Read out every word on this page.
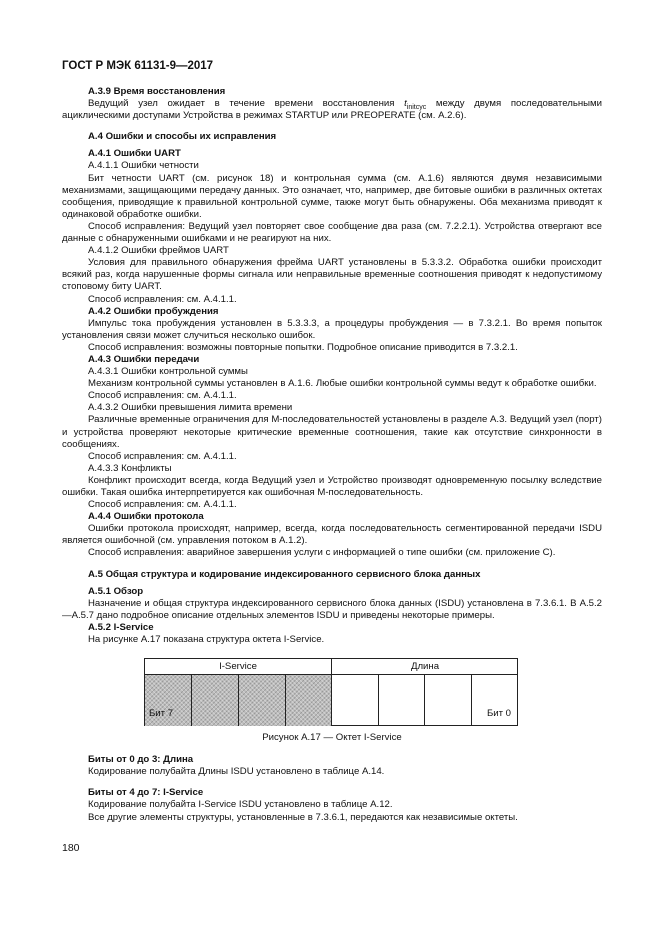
ГОСТ Р МЭК 61131-9—2017

А.3.9 Время восстановления

Ведущий узел ожидает в течение времени восстановления $t_{initcyc}$ между двумя последовательными ациклическими доступами Устройства в режимах STARTUP или PREOPERATE (см. А.2.6).

А.4 Ошибки и способы их исправления

А.4.1 Ошибки UART

А.4.1.1 Ошибки четности

Бит четности UART (см. рисунок 18) и контрольная сумма (см. А.1.6) являются двумя независимыми механизмами, защищающими передачу данных. Это означает, что, например, две битовые ошибки в различных октетах сообщения, приводящие к правильной контрольной сумме, также могут быть обнаружены. Оба механизма приводят к одинаковой обработке ошибки.

Способ исправления: Ведущий узел повторяет свое сообщение два раза (см. 7.2.2.1). Устройства отвергают все данные с обнаруженными ошибками и не реагируют на них.

А.4.1.2 Ошибки фреймов UART

Условия для правильного обнаружения фрейма UART установлены в 5.3.3.2. Обработка ошибки происходит всякий раз, когда нарушенные формы сигнала или неправильные временные соотношения приводят к недопустимому стоповому биту UART.

Способ исправления: см. А.4.1.1.

А.4.2 Ошибки пробуждения

Импульс тока пробуждения установлен в 5.3.3.3, а процедуры пробуждения — в 7.3.2.1. Во время попыток установления связи может случиться несколько ошибок.

Способ исправления: возможны повторные попытки. Подробное описание приводится в 7.3.2.1.

А.4.3 Ошибки передачи

А.4.3.1 Ошибки контрольной суммы

Механизм контрольной суммы установлен в А.1.6. Любые ошибки контрольной суммы ведут к обработке ошибки.

Способ исправления: см. А.4.1.1.

А.4.3.2 Ошибки превышения лимита времени

Различные временные ограничения для М-последовательностей установлены в разделе А.3. Ведущий узел (порт) и устройства проверяют некоторые критические временные соотношения, такие как отсутствие синхронности в сообщениях.

Способ исправления: см. А.4.1.1.

А.4.3.3 Конфликты

Конфликт происходит всегда, когда Ведущий узел и Устройство производят одновременную посылку вследствие ошибки. Такая ошибка интерпретируется как ошибочная М-последовательность.

Способ исправления: см. А.4.1.1.

А.4.4 Ошибки протокола

Ошибки протокола происходят, например, всегда, когда последовательность сегментированной передачи ISDU является ошибочной (см. управления потоком в А.1.2).

Способ исправления: аварийное завершения услуги с информацией о типе ошибки (см. приложение С).

А.5 Общая структура и кодирование индексированного сервисного блока данных

А.5.1 Обзор

Назначение и общая структура индексированного сервисного блока данных (ISDU) установлена в 7.3.6.1. В А.5.2—А.5.7 дано подробное описание отдельных элементов ISDU и приведены некоторые примеры.

А.5.2 I-Service

На рисунке А.17 показана структура октета I-Service.

I-Service	Длина
Бит 7	Бит 0

Рисунок А.17 — Октет I-Service

Биты от 0 до 3: Длина

Кодирование полубайта Длины ISDU установлено в таблице А.14.

Биты от 4 до 7: I-Service

Кодирование полубайта I-Service ISDU установлено в таблице А.12.

Все другие элементы структуры, установленные в 7.3.6.1, передаются как независимые октеты.

180
